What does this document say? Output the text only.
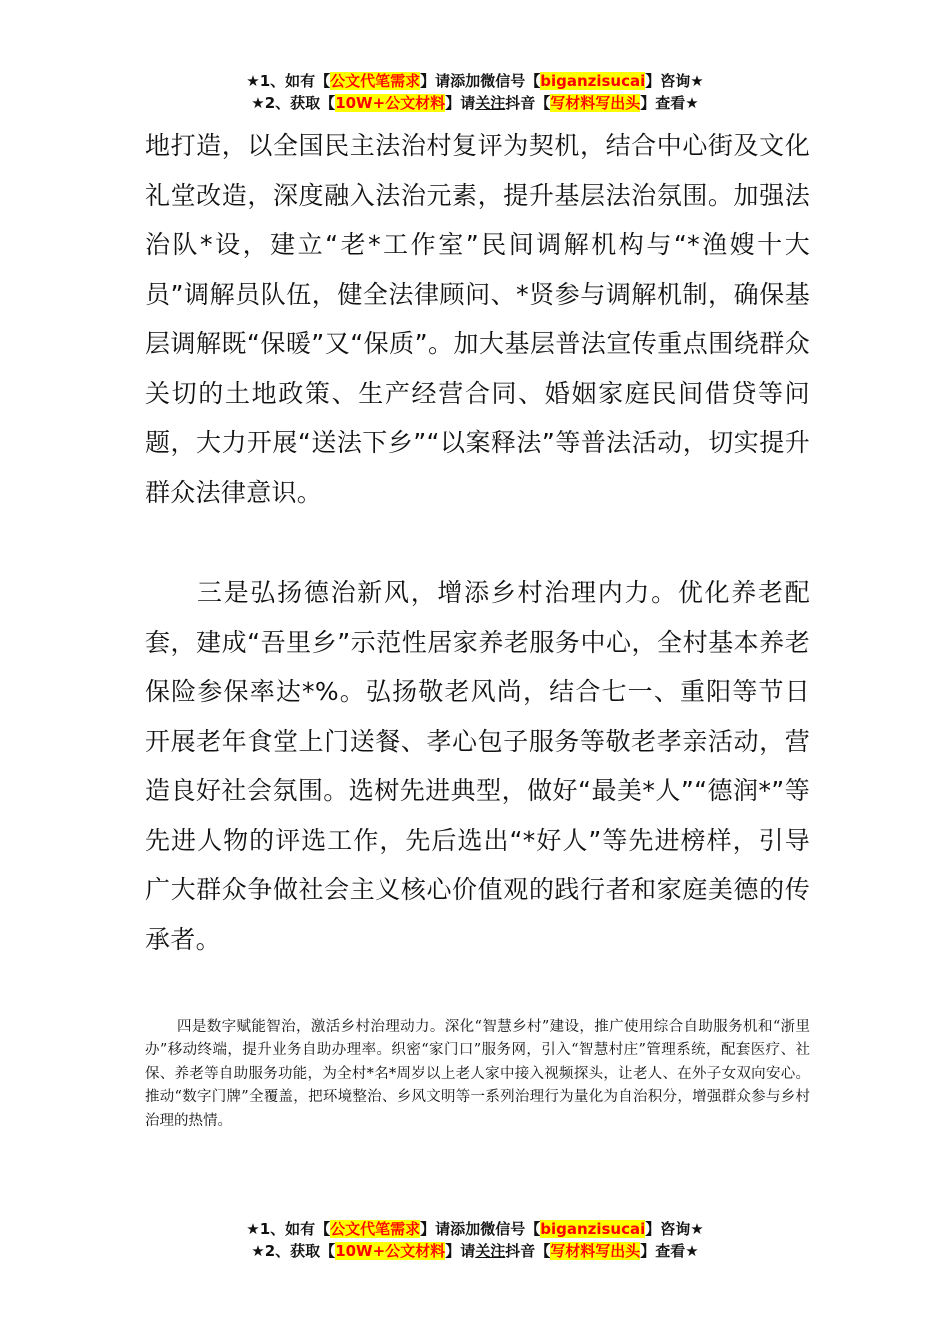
★1、如有【公文代笔需求】请添加微信号【biganzisucai】咨询★
★2、获取【10W+公文材料】请关注抖音【写材料写出头】查看★

地打造，以全国民主法治村复评为契机，结合中心街及文化礼堂改造，深度融入法治元素，提升基层法治氛围。加强法治队*设，建立“老*工作室”民间调解机构与“*渔嫂十大员”调解员队伍，健全法律顾问、*贤参与调解机制，确保基层调解既“保暖”又“保质”。加大基层普法宣传重点围绕群众关切的土地政策、生产经营合同、婚姻家庭民间借贷等问题，大力开展“送法下乡”“以案释法”等普法活动，切实提升群众法律意识。

三是弘扬德治新风，增添乡村治理内力。优化养老配套，建成“吾里乡”示范性居家养老服务中心，全村基本养老保险参保率达*%。弘扬敬老风尚，结合七一、重阳等节日开展老年食堂上门送餐、孝心包子服务等敬老孝亲活动，营造良好社会氛围。选树先进典型，做好“最美*人”“德润*”等先进人物的评选工作，先后选出“*好人”等先进榜样，引导广大群众争做社会主义核心价值观的践行者和家庭美德的传承者。

四是数字赋能智治，激活乡村治理动力。深化“智慧乡村”建设，推广使用综合自助服务机和“浙里办”移动终端，提升业务自助办理率。织密“家门口”服务网，引入“智慧村庄”管理系统，配套医疗、社保、养老等自助服务功能，为全村*名*周岁以上老人家中接入视频探头，让老人、在外子女双向安心。推动“数字门牌”全覆盖，把环境整治、乡风文明等一系列治理行为量化为自治积分，增强群众参与乡村治理的热情。

★1、如有【公文代笔需求】请添加微信号【biganzisucai】咨询★
★2、获取【10W+公文材料】请关注抖音【写材料写出头】查看★
